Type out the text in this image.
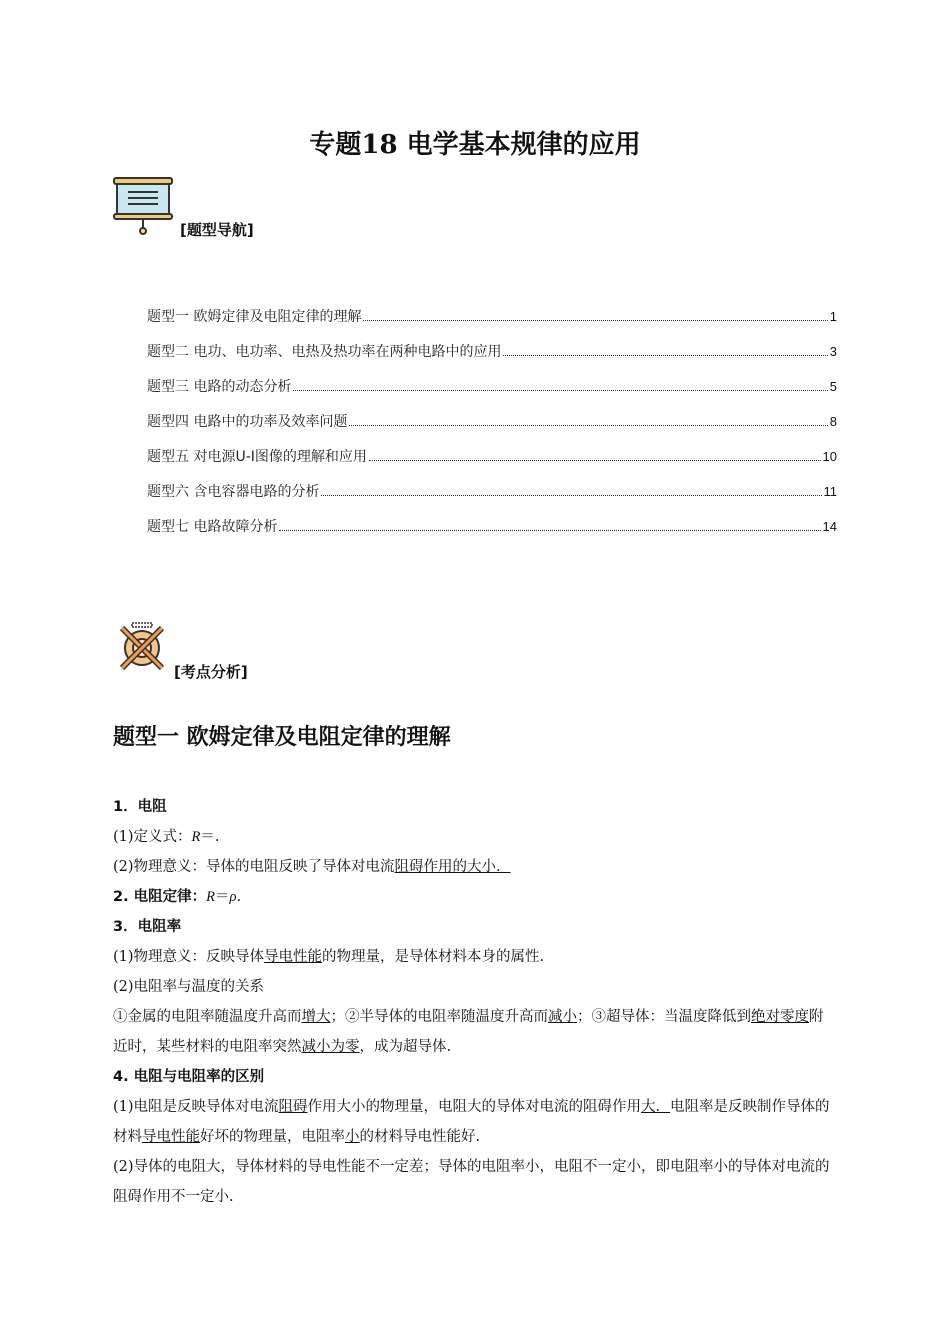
专题18 电学基本规律的应用
[题型导航]
题型一 欧姆定律及电阻定律的理解	1
题型二 电功、电功率、电热及热功率在两种电路中的应用	3
题型三 电路的动态分析	5
题型四 电路中的功率及效率问题	8
题型五 对电源U-I图像的理解和应用	10
题型六 含电容器电路的分析	11
题型七 电路故障分析	14
[考点分析]
题型一 欧姆定律及电阻定律的理解
1．电阻
(1)定义式：R＝.
(2)物理意义：导体的电阻反映了导体对电流阻碍作用的大小．
2. 电阻定律：R＝ρ.
3．电阻率
(1)物理意义：反映导体导电性能的物理量，是导体材料本身的属性.
(2)电阻率与温度的关系
①金属的电阻率随温度升高而增大；②半导体的电阻率随温度升高而减小；③超导体：当温度降低到绝对零度附近时，某些材料的电阻率突然减小为零，成为超导体.
4. 电阻与电阻率的区别
(1)电阻是反映导体对电流阻碍作用大小的物理量，电阻大的导体对电流的阻碍作用大．电阻率是反映制作导体的材料导电性能好坏的物理量，电阻率小的材料导电性能好.
(2)导体的电阻大，导体材料的导电性能不一定差；导体的电阻率小，电阻不一定小，即电阻率小的导体对电流的阻碍作用不一定小.
